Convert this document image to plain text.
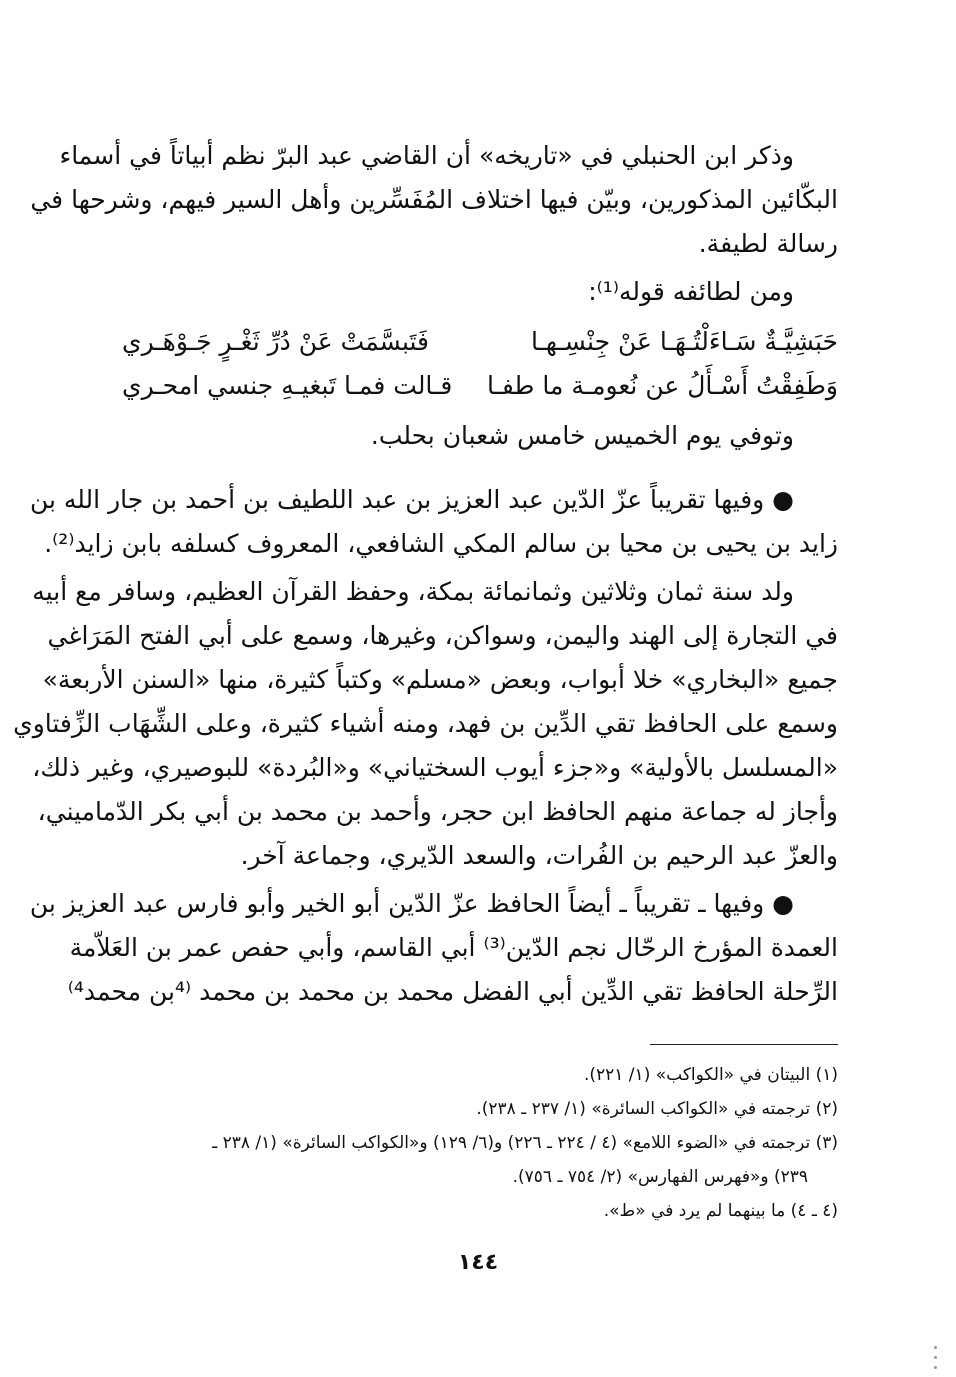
وذكر ابن الحنبلي في «تاريخه» أن القاضي عبد البرّ نظم أبياتاً في أسماء
البكّائين المذكورين، وبيّن فيها اختلاف المُفَسِّرين وأهل السير فيهم، وشرحها في
رسالة لطيفة.
ومن لطائفه قوله⁽¹⁾:
حَبَشِيَّـةٌ سَـاءَلْتُـهَـا عَنْ جِنْسِـهـا
فَتَبسَّمَتْ عَنْ دُرِّ ثَغْـرٍ جَـوْهَـري
وَطَفِقْتُ أَسْـأَلُ عن نُعومـة ما طفـا
قـالت فمـا تَبغيـهِ جنسي امحـري
وتوفي يوم الخميس خامس شعبان بحلب.
● وفيها تقريباً عزّ الدّين عبد العزيز بن عبد اللطيف بن أحمد بن جار الله بن
زايد بن يحيى بن محيا بن سالم المكي الشافعي، المعروف كسلفه بابن زايد⁽²⁾.
ولد سنة ثمان وثلاثين وثمانمائة بمكة، وحفظ القرآن العظيم، وسافر مع أبيه
في التجارة إلى الهند واليمن، وسواكن، وغيرها، وسمع على أبي الفتح المَرَاغي
جميع «البخاري» خلا أبواب، وبعض «مسلم» وكتباً كثيرة، منها «السنن الأربعة»
وسمع على الحافظ تقي الدِّين بن فهد، ومنه أشياء كثيرة، وعلى الشِّهَاب الزِّفتاوي
«المسلسل بالأولية» و«جزء أيوب السختياني» و«البُردة» للبوصيري، وغير ذلك،
وأجاز له جماعة منهم الحافظ ابن حجر، وأحمد بن محمد بن أبي بكر الدّماميني،
والعزّ عبد الرحيم بن الفُرات، والسعد الدّيري، وجماعة آخر.
● وفيها ـ تقريباً ـ أيضاً الحافظ عزّ الدّين أبو الخير وأبو فارس عبد العزيز بن
العمدة المؤرخ الرحّال نجم الدّين⁽³⁾ أبي القاسم، وأبي حفص عمر بن العَلاّمة
الرِّحلة الحافظ تقي الدِّين أبي الفضل محمد بن محمد بن محمد ⁽⁴بن محمد⁴⁾
(١) البيتان في «الكواكب» (١/ ٢٢١).
(٢) ترجمته في «الكواكب السائرة» (١/ ٢٣٧ ـ ٢٣٨).
(٣) ترجمته في «الضوء اللامع» (٤ / ٢٢٤ ـ ٢٢٦) و(٦/ ١٢٩) و«الكواكب السائرة» (١/ ٢٣٨ ـ
٢٣٩) و«فهرس الفهارس» (٢/ ٧٥٤ ـ ٧٥٦).
(٤ ـ ٤) ما بينهما لم يرد في «ط».
١٤٤
